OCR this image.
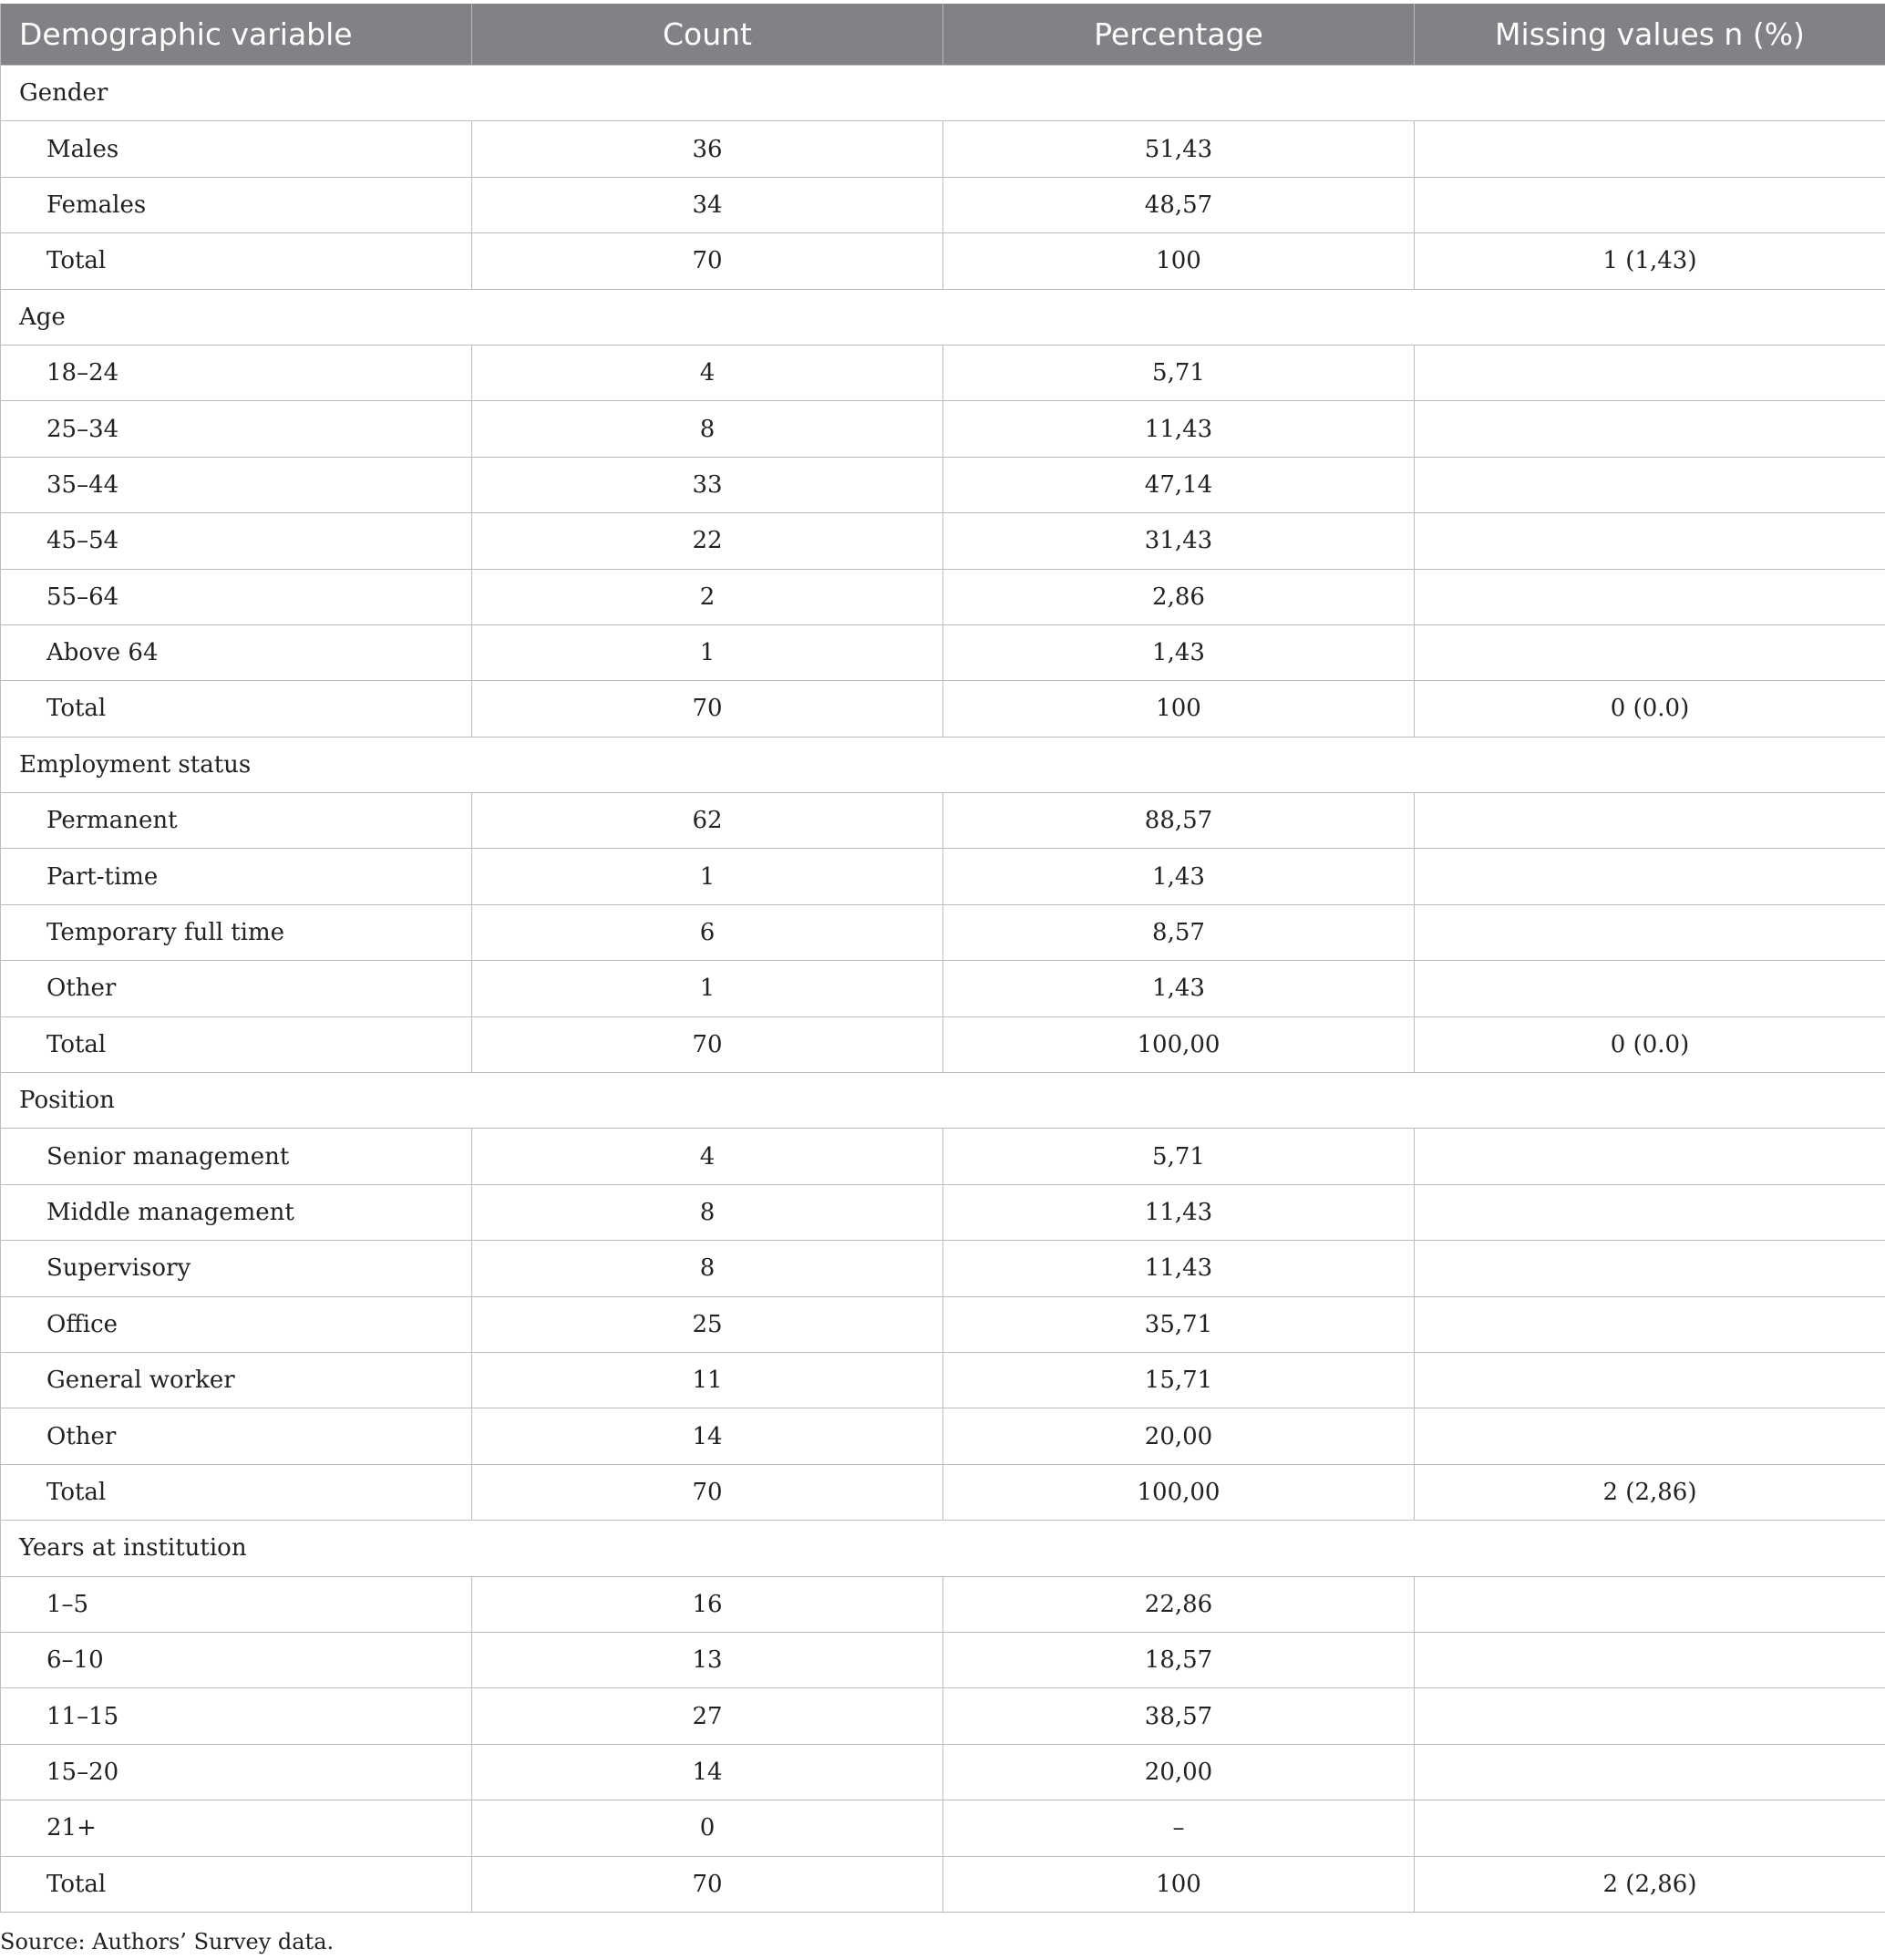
Demographic variable	Count	Percentage	Missing values n (%)
Gender			
Males	36	51,43	
Females	34	48,57	
Total	70	100	1 (1,43)
Age			
18–24	4	5,71	
25–34	8	11,43	
35–44	33	47,14	
45–54	22	31,43	
55–64	2	2,86	
Above 64	1	1,43	
Total	70	100	0 (0.0)
Employment status			
Permanent	62	88,57	
Part-time	1	1,43	
Temporary full time	6	8,57	
Other	1	1,43	
Total	70	100,00	0 (0.0)
Position			
Senior management	4	5,71	
Middle management	8	11,43	
Supervisory	8	11,43	
Office	25	35,71	
General worker	11	15,71	
Other	14	20,00	
Total	70	100,00	2 (2,86)
Years at institution			
1–5	16	22,86	
6–10	13	18,57	
11–15	27	38,57	
15–20	14	20,00	
21+	0	–	
Total	70	100	2 (2,86)
Source: Authors’ Survey data.
